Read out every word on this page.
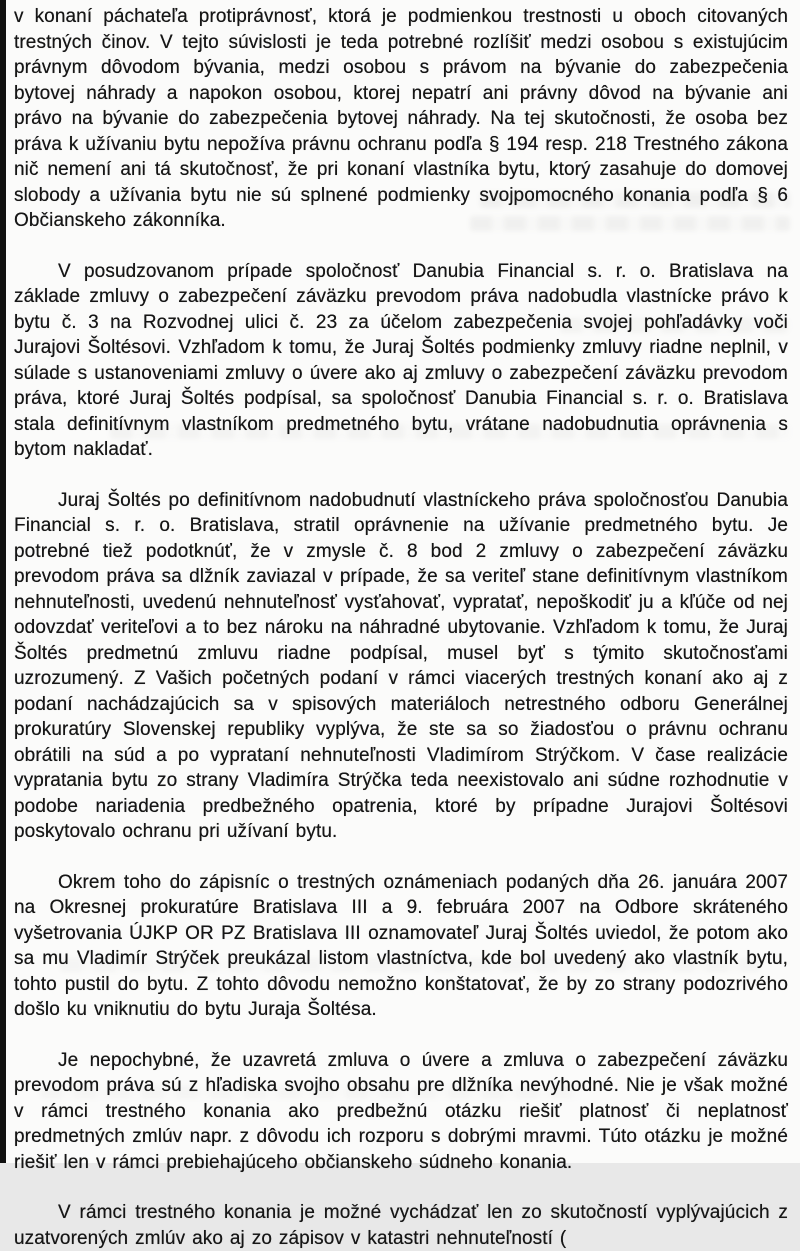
v konaní páchateľa protiprávnosť, ktorá je podmienkou trestnosti u oboch citovaných trestných činov. V tejto súvislosti je teda potrebné rozlíšiť medzi osobou s existujúcim právnym dôvodom bývania, medzi osobou s právom na bývanie do zabezpečenia bytovej náhrady a napokon osobou, ktorej nepatrí ani právny dôvod na bývanie ani právo na bývanie do zabezpečenia bytovej náhrady. Na tej skutočnosti, že osoba bez práva k užívaniu bytu nepožíva právnu ochranu podľa § 194 resp. 218 Trestného zákona nič nemení ani tá skutočnosť, že pri konaní vlastníka bytu, ktorý zasahuje do domovej slobody a užívania bytu nie sú splnené podmienky svojpomocného konania podľa § 6 Občianskeho zákonníka.

V posudzovanom prípade spoločnosť Danubia Financial s. r. o. Bratislava na základe zmluvy o zabezpečení záväzku prevodom práva nadobudla vlastnícke právo k bytu č. 3 na Rozvodnej ulici č. 23 za účelom zabezpečenia svojej pohľadávky voči Jurajovi Šoltésovi. Vzhľadom k tomu, že Juraj Šoltés podmienky zmluvy riadne neplnil, v súlade s ustanoveniami zmluvy o úvere ako aj zmluvy o zabezpečení záväzku prevodom práva, ktoré Juraj Šoltés podpísal, sa spoločnosť Danubia Financial s. r. o. Bratislava stala definitívnym vlastníkom predmetného bytu, vrátane nadobudnutia oprávnenia s bytom nakladať.

Juraj Šoltés po definitívnom nadobudnutí vlastníckeho práva spoločnosťou Danubia Financial s. r. o. Bratislava, stratil oprávnenie na užívanie predmetného bytu. Je potrebné tiež podotknúť, že v zmysle č. 8 bod 2 zmluvy o zabezpečení záväzku prevodom práva sa dlžník zaviazal v prípade, že sa veriteľ stane definitívnym vlastníkom nehnuteľnosti, uvedenú nehnuteľnosť vysťahovať, vypratať, nepoškodiť ju a kľúče od nej odovzdať veriteľovi a to bez nároku na náhradné ubytovanie. Vzhľadom k tomu, že Juraj Šoltés predmetnú zmluvu riadne podpísal, musel byť s týmito skutočnosťami uzrozumený. Z Vašich početných podaní v rámci viacerých trestných konaní ako aj z podaní nachádzajúcich sa v spisových materiáloch netrestného odboru Generálnej prokuratúry Slovenskej republiky vyplýva, že ste sa so žiadosťou o právnu ochranu obrátili na súd a po vyprataní nehnuteľnosti Vladimírom Strýčkom. V čase realizácie vypratania bytu zo strany Vladimíra Strýčka teda neexistovalo ani súdne rozhodnutie v podobe nariadenia predbežného opatrenia, ktoré by prípadne Jurajovi Šoltésovi poskytovalo ochranu pri užívaní bytu.

Okrem toho do zápisníc o trestných oznámeniach podaných dňa 26. januára 2007 na Okresnej prokuratúre Bratislava III a 9. februára 2007 na Odbore skráteného vyšetrovania ÚJKP OR PZ Bratislava III oznamovateľ Juraj Šoltés uviedol, že potom ako sa mu Vladimír Strýček preukázal listom vlastníctva, kde bol uvedený ako vlastník bytu, tohto pustil do bytu. Z tohto dôvodu nemožno konštatovať, že by zo strany podozrivého došlo ku vniknutiu do bytu Juraja Šoltésa.

Je nepochybné, že uzavretá zmluva o úvere a zmluva o zabezpečení záväzku prevodom práva sú z hľadiska svojho obsahu pre dlžníka nevýhodné. Nie je však možné v rámci trestného konania ako predbežnú otázku riešiť platnosť či neplatnosť predmetných zmlúv napr. z dôvodu ich rozporu s dobrými mravmi. Túto otázku je možné riešiť len v rámci prebiehajúceho občianskeho súdneho konania.

V rámci trestného konania je možné vychádzať len zo skutočností vyplývajúcich z uzatvorených zmlúv ako aj zo zápisov v katastri nehnuteľností (
